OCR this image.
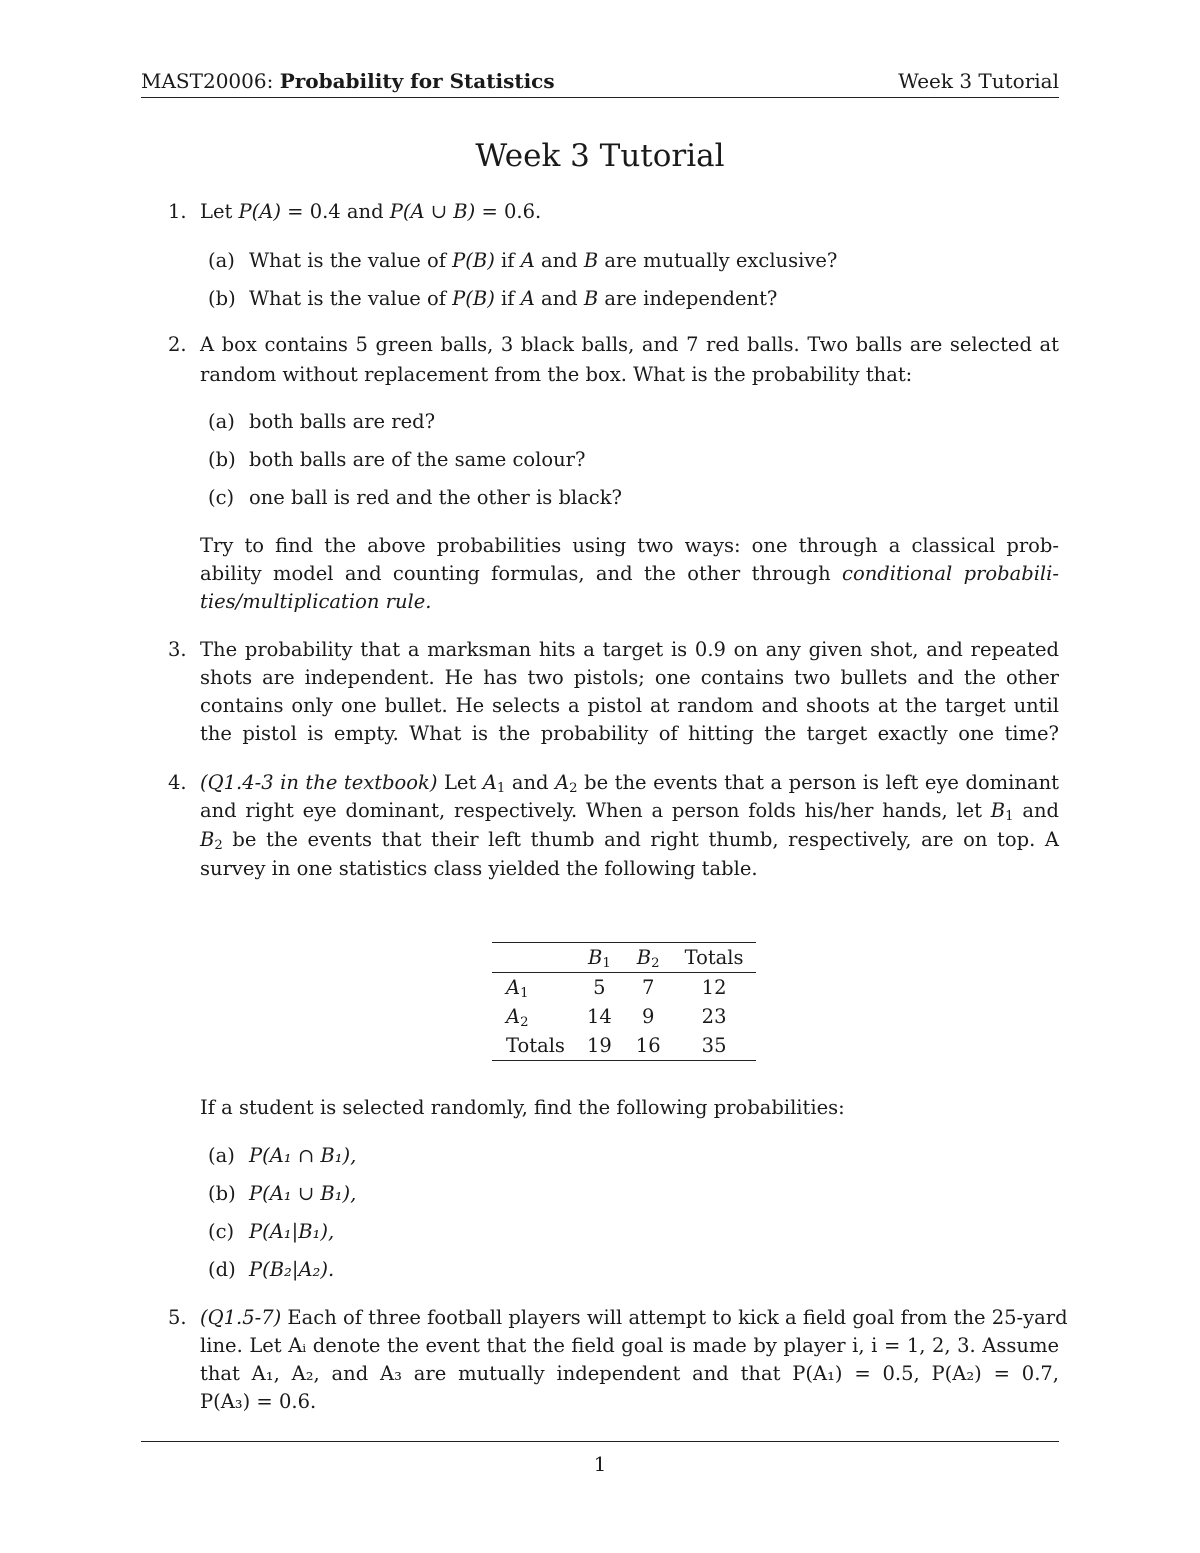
MAST20006: Probability for Statistics	Week 3 Tutorial
Week 3 Tutorial
1. Let P(A) = 0.4 and P(A ∪ B) = 0.6.
(a) What is the value of P(B) if A and B are mutually exclusive?
(b) What is the value of P(B) if A and B are independent?
2. A box contains 5 green balls, 3 black balls, and 7 red balls. Two balls are selected at
random without replacement from the box. What is the probability that:
(a) both balls are red?
(b) both balls are of the same colour?
(c) one ball is red and the other is black?
Try to find the above probabilities using two ways: one through a classical prob-
ability model and counting formulas, and the other through conditional probabili-
ties/multiplication rule.
3. The probability that a marksman hits a target is 0.9 on any given shot, and repeated
shots are independent. He has two pistols; one contains two bullets and the other
contains only one bullet. He selects a pistol at random and shoots at the target until
the pistol is empty. What is the probability of hitting the target exactly one time?
4. (Q1.4-3 in the textbook) Let $A_1$ and $A_2$ be the events that a person is left eye dominant
and right eye dominant, respectively. When a person folds his/her hands, let $B_1$ and
$B_2$ be the events that their left thumb and right thumb, respectively, are on top. A
survey in one statistics class yielded the following table.
	$B_1$	$B_2$	Totals
$A_1$	5	7	12
$A_2$	14	9	23
Totals	19	16	35
If a student is selected randomly, find the following probabilities:
(a) P(A₁ ∩ B₁),
(b) P(A₁ ∪ B₁),
(c) P(A₁|B₁),
(d) P(B₂|A₂).
5. (Q1.5-7) Each of three football players will attempt to kick a field goal from the 25-yard
line. Let Aᵢ denote the event that the field goal is made by player i, i = 1, 2, 3. Assume
that A₁, A₂, and A₃ are mutually independent and that P(A₁) = 0.5, P(A₂) = 0.7,
P(A₃) = 0.6.
1
